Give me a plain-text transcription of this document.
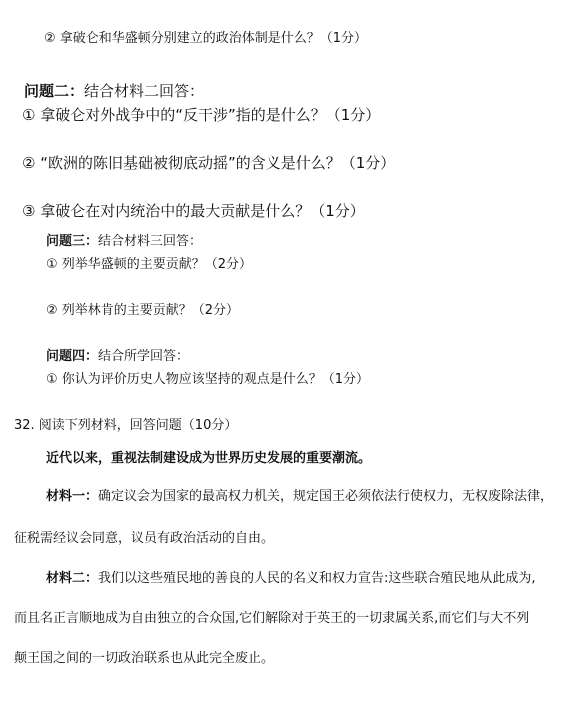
② 拿破仑和华盛顿分别建立的政治体制是什么？（1分）
问题二：结合材料二回答：
① 拿破仑对外战争中的“反干涉”指的是什么？（1分）
② “欧洲的陈旧基础被彻底动摇”的含义是什么？（1分）
③ 拿破仑在对内统治中的最大贡献是什么？（1分）
问题三：结合材料三回答：
① 列举华盛顿的主要贡献？（2分）
② 列举林肯的主要贡献？（2分）
问题四：结合所学回答：
① 你认为评价历史人物应该坚持的观点是什么？（1分）
32. 阅读下列材料，回答问题（10分）
近代以来，重视法制建设成为世界历史发展的重要潮流。
材料一：确定议会为国家的最高权力机关，规定国王必须依法行使权力，无权废除法律，
征税需经议会同意，议员有政治活动的自由。
材料二：我们以这些殖民地的善良的人民的名义和权力宣告:这些联合殖民地从此成为,
而且名正言顺地成为自由独立的合众国,它们解除对于英王的一切隶属关系,而它们与大不列
颠王国之间的一切政治联系也从此完全废止。
